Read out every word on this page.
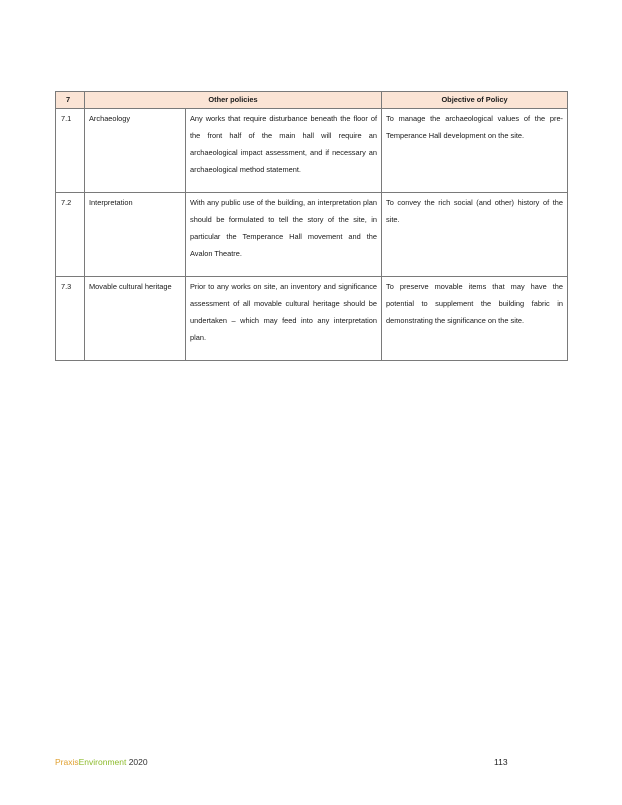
7	Other policies		Objective of Policy
7.1	Archaeology	Any works that require disturbance beneath the floor of the front half of the main hall will require an archaeological impact assessment, and if necessary an archaeological method statement.	To manage the archaeological values of the pre-Temperance Hall development on the site.
7.2	Interpretation	With any public use of the building, an interpretation plan should be formulated to tell the story of the site, in particular the Temperance Hall movement and the Avalon Theatre.	To convey the rich social (and other) history of the site.
7.3	Movable cultural heritage	Prior to any works on site, an inventory and significance assessment of all movable cultural heritage should be undertaken – which may feed into any interpretation plan.	To preserve movable items that may have the potential to supplement the building fabric in demonstrating the significance on the site.
PraxisEnvironment 2020	113
